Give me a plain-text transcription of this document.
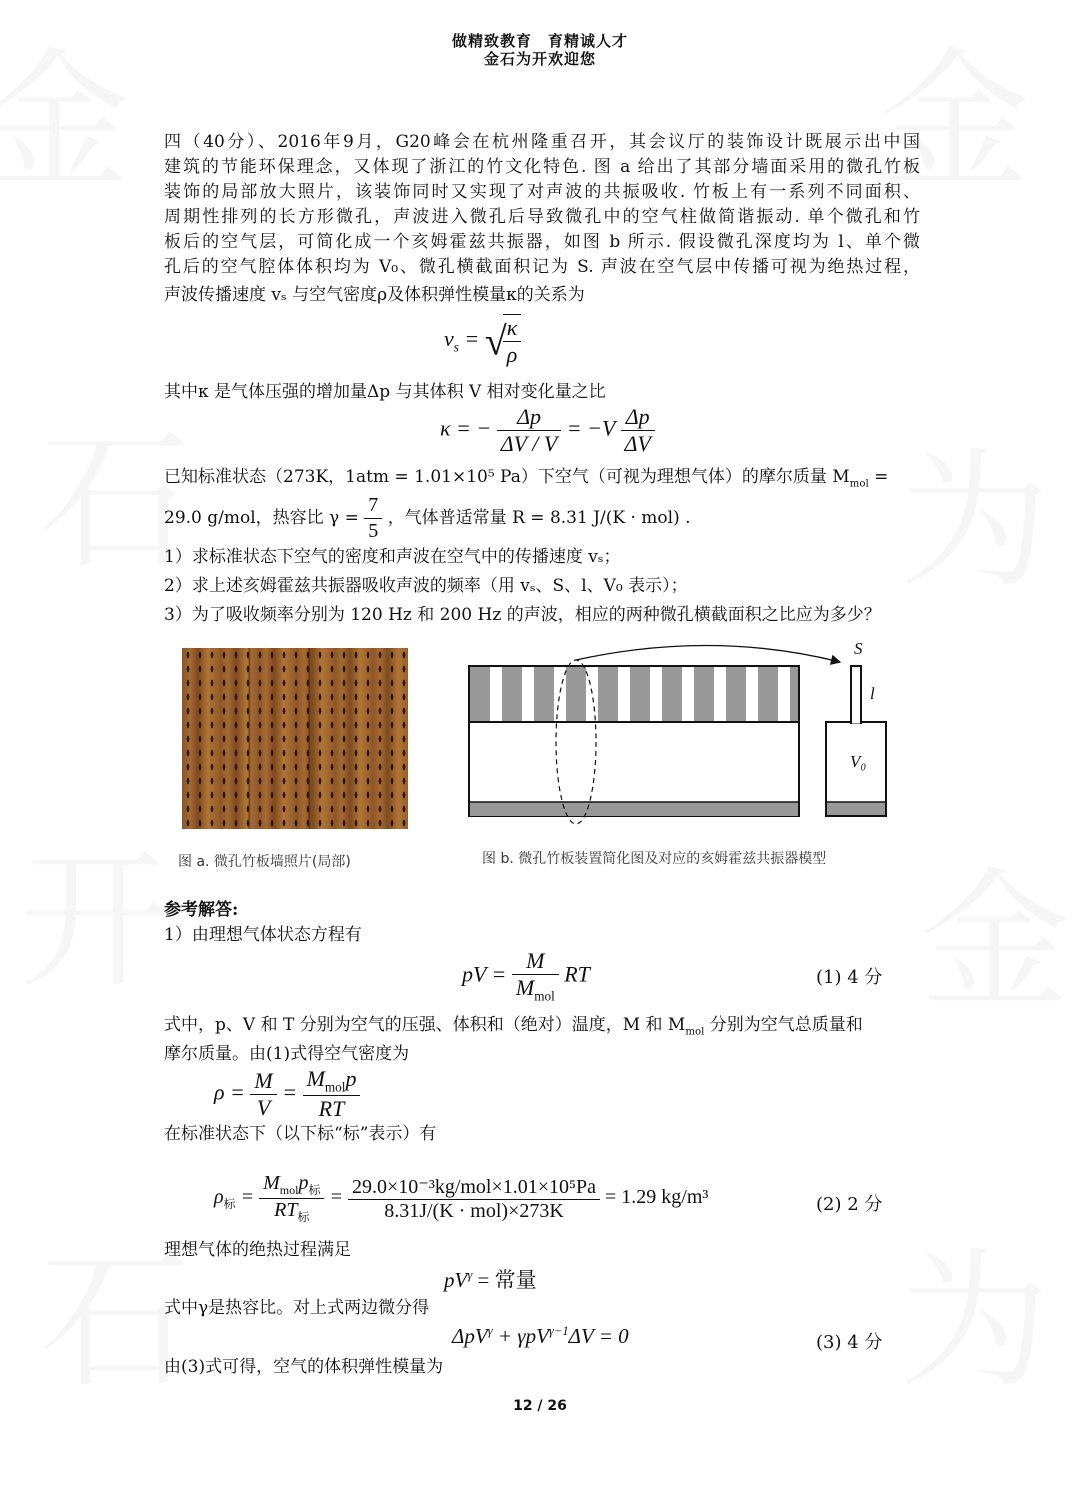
做精致教育　育精诚人才
金石为开欢迎您
四（40分）、2016年9月，G20峰会在杭州隆重召开，其会议厅的装饰设计既展示出中国
建筑的节能环保理念，又体现了浙江的竹文化特色. 图 a 给出了其部分墙面采用的微孔竹板
装饰的局部放大照片，该装饰同时又实现了对声波的共振吸收. 竹板上有一系列不同面积、
周期性排列的长方形微孔，声波进入微孔后导致微孔中的空气柱做简谐振动. 单个微孔和竹
板后的空气层，可简化成一个亥姆霍兹共振器，如图 b 所示. 假设微孔深度均为 l、单个微
孔后的空气腔体体积均为 V₀、微孔横截面积记为 S. 声波在空气层中传播可视为绝热过程，
声波传播速度 vₛ 与空气密度ρ及体积弹性模量κ的关系为
$v_s$ = √
$\frac{\kappa}{\rho}$
其中κ 是气体压强的增加量Δp 与其体积 V 相对变化量之比
κ = − $\frac{\Delta p}{\Delta V / V} = -V \frac{\Delta p}{\Delta V}$
已知标准状态（273K，1atm = 1.01×10⁵ Pa）下空气（可视为理想气体）的摩尔质量 $M_{mol}$ =
29.0 g/mol，热容比 $\gamma = \frac{7}{5}$ ，气体普适常量 R = 8.31 J/(K · mol) .
1）求标准状态下空气的密度和声波在空气中的传播速度 vₛ；
2）求上述亥姆霍兹共振器吸收声波的频率（用 vₛ、S、l、V₀ 表示）；
3）为了吸收频率分别为 120 Hz 和 200 Hz 的声波，相应的两种微孔横截面积之比应为多少？
图 a. 微孔竹板墙照片(局部)
S
l
V₀
图 b. 微孔竹板装置简化图及对应的亥姆霍兹共振器模型
参考解答:
1）由理想气体状态方程有
pV = $\frac{M}{M_{mol}}$ RT	(1) 4 分
式中，p、V 和 T 分别为空气的压强、体积和（绝对）温度，M 和 $M_{mol}$ 分别为空气总质量和
摩尔质量。由(1)式得空气密度为
$\rho = \frac{M}{V} = \frac{M_{mol}p}{RT}$
在标准状态下（以下标“标”表示）有
$\rho_标 = \frac{M_{mol}p_标}{RT_标} = \frac{\text{29.0×10⁻³kg/mol×1.01×10⁵Pa}}{\text{8.31J/(K · mol)×273K}} = 1.29$ kg/m³	(2) 2 分
理想气体的绝热过程满足
$pV^\gamma$ = 常量
式中γ是热容比。对上式两边微分得
ΔpV$^\gamma$ + γpV$^{\gamma-1}$ΔV = 0	(3) 4 分
由(3)式可得，空气的体积弹性模量为
12 / 26
